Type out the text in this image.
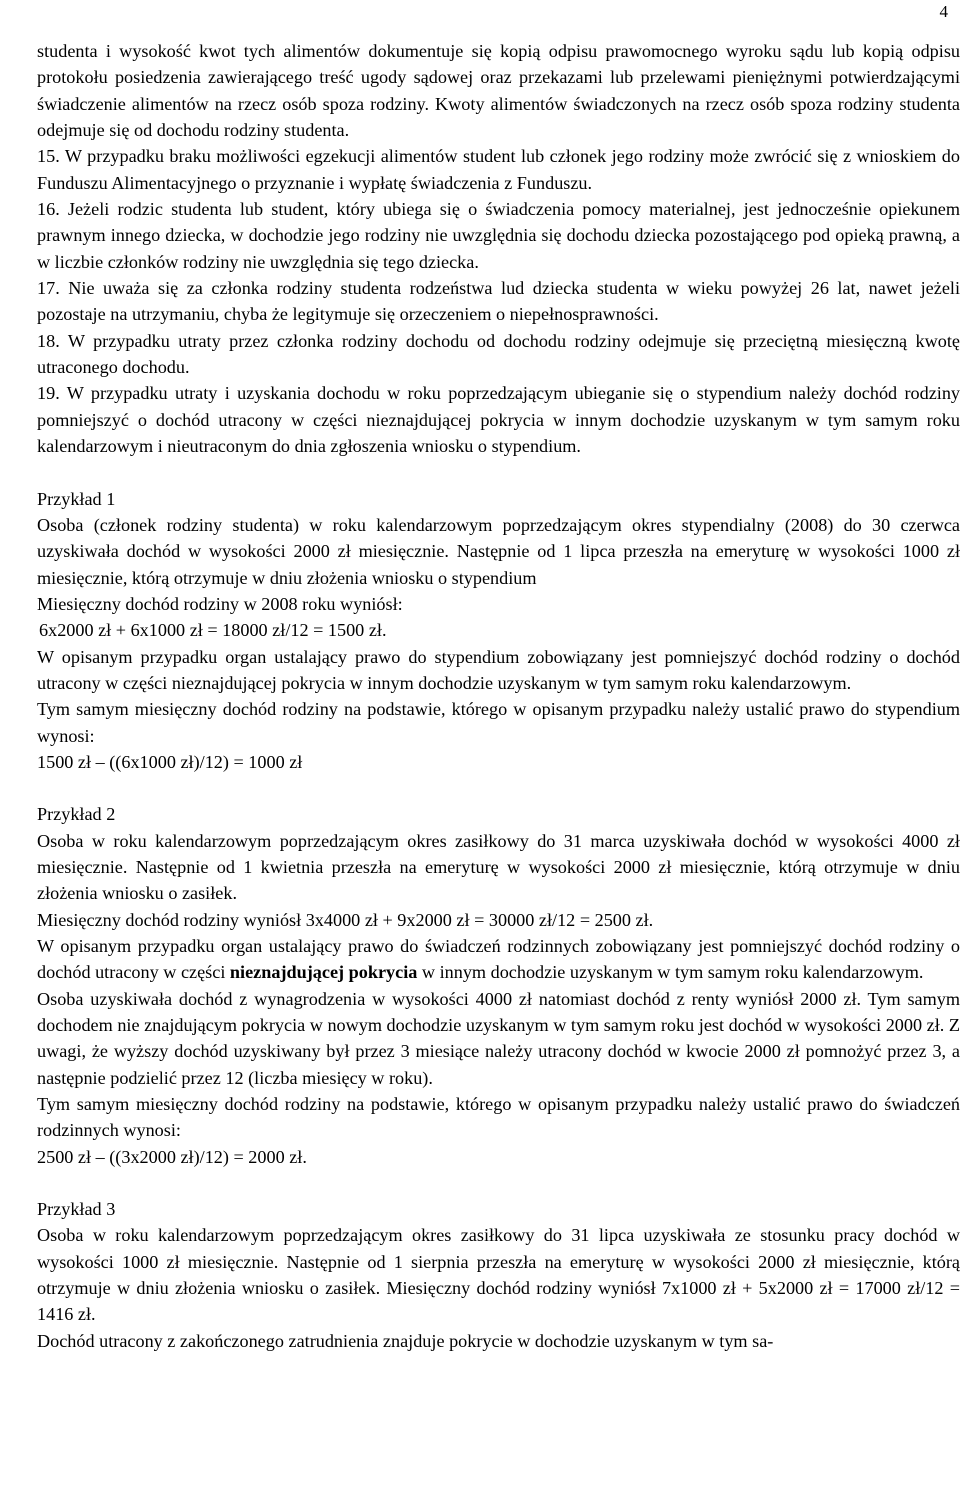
4

studenta i wysokość kwot tych alimentów dokumentuje się kopią odpisu prawomocnego wyroku sądu lub kopią odpisu protokołu posiedzenia zawierającego treść ugody sądowej oraz przekazami lub przelewami pieniężnymi potwierdzającymi świadczenie alimentów na rzecz osób spoza rodziny. Kwoty alimentów świadczonych na rzecz osób spoza rodziny studenta odejmuje się od dochodu rodziny studenta.

15. W przypadku braku możliwości egzekucji alimentów student lub członek jego rodziny może zwrócić się z wnioskiem do Funduszu Alimentacyjnego o przyznanie i wypłatę świadczenia z Funduszu.

16. Jeżeli rodzic studenta lub student, który ubiega się o świadczenia pomocy materialnej, jest jednocześnie opiekunem prawnym innego dziecka, w dochodzie jego rodziny nie uwzględnia się dochodu dziecka pozostającego pod opieką prawną, a w liczbie członków rodziny nie uwzględnia się tego dziecka.

17. Nie uważa się za członka rodziny studenta rodzeństwa lud dziecka studenta w wieku powyżej 26 lat, nawet jeżeli pozostaje na utrzymaniu, chyba że legitymuje się orzeczeniem o niepełnosprawności.

18. W przypadku utraty przez członka rodziny dochodu od dochodu rodziny odejmuje się przeciętną miesięczną kwotę utraconego dochodu.

19. W przypadku utraty i uzyskania dochodu w roku poprzedzającym ubieganie się o stypendium należy dochód rodziny pomniejszyć o dochód utracony w części nieznajdującej pokrycia w innym dochodzie uzyskanym w tym samym roku kalendarzowym i nieutraconym do dnia zgłoszenia wniosku o stypendium.

Przykład 1

Osoba (członek rodziny studenta) w roku kalendarzowym poprzedzającym okres stypendialny (2008) do 30 czerwca uzyskiwała dochód w wysokości 2000 zł miesięcznie. Następnie od 1 lipca przeszła na emeryturę w wysokości 1000 zł miesięcznie, którą otrzymuje w dniu złożenia wniosku o stypendium

Miesięczny dochód rodziny w 2008 roku wyniósł:

6x2000 zł + 6x1000 zł = 18000 zł/12 = 1500 zł.

W opisanym przypadku organ ustalający prawo do stypendium zobowiązany jest pomniejszyć dochód rodziny o dochód utracony w części nieznajdującej pokrycia w innym dochodzie uzyskanym w tym samym roku kalendarzowym.

Tym samym miesięczny dochód rodziny na podstawie, którego w opisanym przypadku należy ustalić prawo do stypendium wynosi:

1500 zł – ((6x1000 zł)/12) = 1000 zł

Przykład 2

Osoba w roku kalendarzowym poprzedzającym okres zasiłkowy do 31 marca uzyskiwała dochód w wysokości 4000 zł miesięcznie. Następnie od 1 kwietnia przeszła na emeryturę w wysokości 2000 zł miesięcznie, którą otrzymuje w dniu złożenia wniosku o zasiłek.

Miesięczny dochód rodziny wyniósł 3x4000 zł + 9x2000 zł = 30000 zł/12 = 2500 zł.

W opisanym przypadku organ ustalający prawo do świadczeń rodzinnych zobowiązany jest pomniejszyć dochód rodziny o dochód utracony w części nieznajdującej pokrycia w innym dochodzie uzyskanym w tym samym roku kalendarzowym.

Osoba uzyskiwała dochód z wynagrodzenia w wysokości 4000 zł natomiast dochód z renty wyniósł 2000 zł. Tym samym dochodem nie znajdującym pokrycia w nowym dochodzie uzyskanym w tym samym roku jest dochód w wysokości 2000 zł. Z uwagi, że wyższy dochód uzyskiwany był przez 3 miesiące należy utracony dochód w kwocie 2000 zł pomnożyć przez 3, a następnie podzielić przez 12 (liczba miesięcy w roku).

Tym samym miesięczny dochód rodziny na podstawie, którego w opisanym przypadku należy ustalić prawo do świadczeń rodzinnych wynosi:

2500 zł – ((3x2000 zł)/12) = 2000 zł.

Przykład 3

Osoba w roku kalendarzowym poprzedzającym okres zasiłkowy do 31 lipca uzyskiwała ze stosunku pracy dochód w wysokości 1000 zł miesięcznie. Następnie od 1 sierpnia przeszła na emeryturę w wysokości 2000 zł miesięcznie, którą otrzymuje w dniu złożenia wniosku o zasiłek. Miesięczny dochód rodziny wyniósł 7x1000 zł + 5x2000 zł = 17000 zł/12 = 1416 zł.

Dochód utracony z zakończonego zatrudnienia znajduje pokrycie w dochodzie uzyskanym w tym sa-
